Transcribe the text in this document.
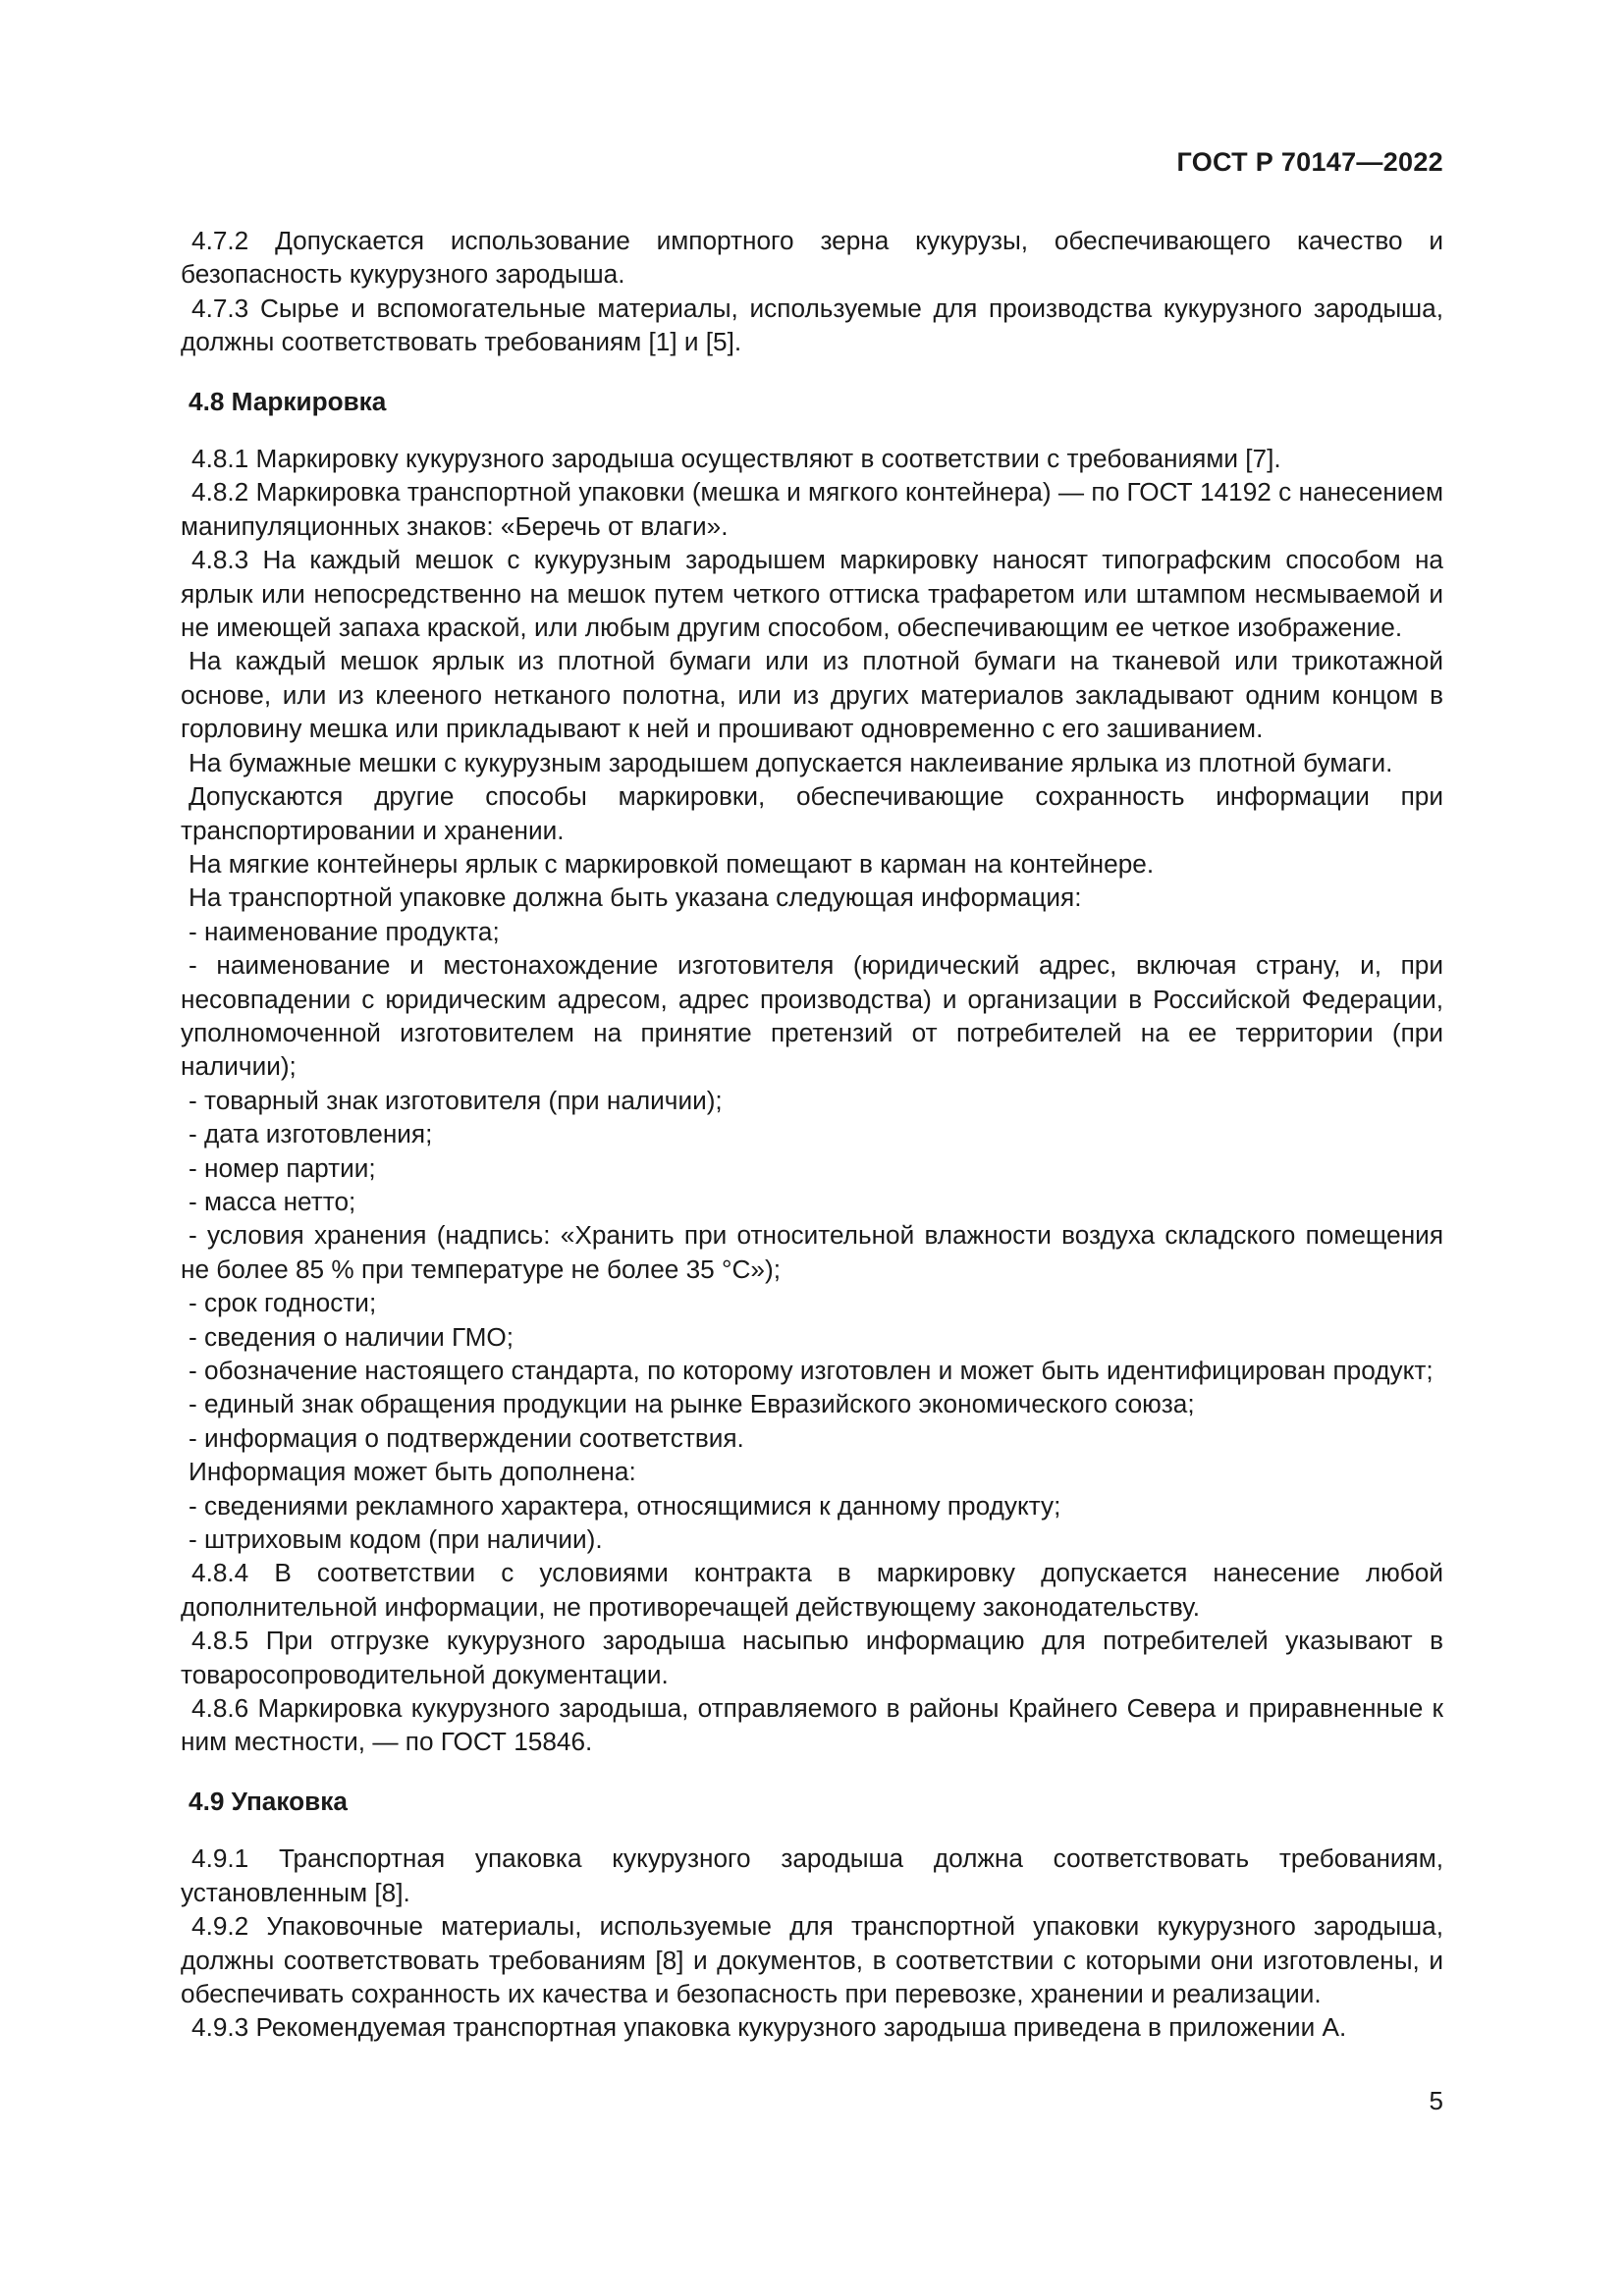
ГОСТ Р 70147—2022

4.7.2 Допускается использование импортного зерна кукурузы, обеспечивающего качество и безопасность кукурузного зародыша.

4.7.3 Сырье и вспомогательные материалы, используемые для производства кукурузного зародыша, должны соответствовать требованиям [1] и [5].

4.8 Маркировка

4.8.1 Маркировку кукурузного зародыша осуществляют в соответствии с требованиями [7].

4.8.2 Маркировка транспортной упаковки (мешка и мягкого контейнера) — по ГОСТ 14192 с нанесением манипуляционных знаков: «Беречь от влаги».

4.8.3 На каждый мешок с кукурузным зародышем маркировку наносят типографским способом на ярлык или непосредственно на мешок путем четкого оттиска трафаретом или штампом несмываемой и не имеющей запаха краской, или любым другим способом, обеспечивающим ее четкое изображение.

На каждый мешок ярлык из плотной бумаги или из плотной бумаги на тканевой или трикотажной основе, или из клееного нетканого полотна, или из других материалов закладывают одним концом в горловину мешка или прикладывают к ней и прошивают одновременно с его зашиванием.

На бумажные мешки с кукурузным зародышем допускается наклеивание ярлыка из плотной бумаги.

Допускаются другие способы маркировки, обеспечивающие сохранность информации при транспортировании и хранении.

На мягкие контейнеры ярлык с маркировкой помещают в карман на контейнере.

На транспортной упаковке должна быть указана следующая информация:

- наименование продукта;

- наименование и местонахождение изготовителя (юридический адрес, включая страну, и, при несовпадении с юридическим адресом, адрес производства) и организации в Российской Федерации, уполномоченной изготовителем на принятие претензий от потребителей на ее территории (при наличии);

- товарный знак изготовителя (при наличии);

- дата изготовления;

- номер партии;

- масса нетто;

- условия хранения (надпись: «Хранить при относительной влажности воздуха складского помещения не более 85 % при температуре не более 35 °С»);

- срок годности;

- сведения о наличии ГМО;

- обозначение настоящего стандарта, по которому изготовлен и может быть идентифицирован продукт;

- единый знак обращения продукции на рынке Евразийского экономического союза;

- информация о подтверждении соответствия.

Информация может быть дополнена:

- сведениями рекламного характера, относящимися к данному продукту;

- штриховым кодом (при наличии).

4.8.4 В соответствии с условиями контракта в маркировку допускается нанесение любой дополнительной информации, не противоречащей действующему законодательству.

4.8.5 При отгрузке кукурузного зародыша насыпью информацию для потребителей указывают в товаросопроводительной документации.

4.8.6 Маркировка кукурузного зародыша, отправляемого в районы Крайнего Севера и приравненные к ним местности, — по ГОСТ 15846.

4.9 Упаковка

4.9.1 Транспортная упаковка кукурузного зародыша должна соответствовать требованиям, установленным [8].

4.9.2 Упаковочные материалы, используемые для транспортной упаковки кукурузного зародыша, должны соответствовать требованиям [8] и документов, в соответствии с которыми они изготовлены, и обеспечивать сохранность их качества и безопасность при перевозке, хранении и реализации.

4.9.3 Рекомендуемая транспортная упаковка кукурузного зародыша приведена в приложении А.

5
